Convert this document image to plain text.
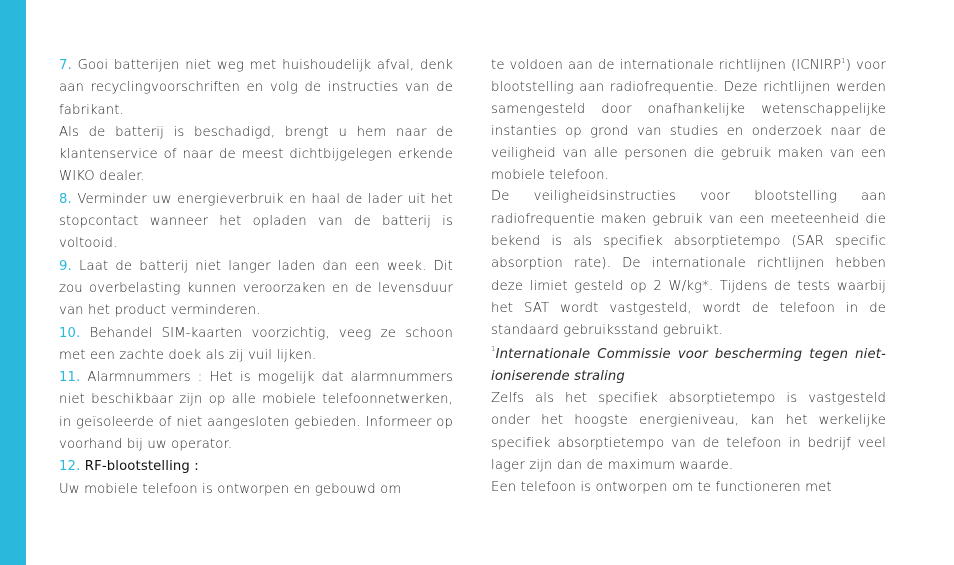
7. Gooi batterijen niet weg met huishoudelijk afval, denk aan recyclingvoorschriften en volg de instructies van de fabrikant.

Als de batterij is beschadigd, brengt u hem naar de klantenservice of naar de meest dichtbijgelegen erkende WIKO dealer.

8. Verminder uw energieverbruik en haal de lader uit het stopcontact wanneer het opladen van de batterij is voltooid.

9. Laat de batterij niet langer laden dan een week. Dit zou overbelasting kunnen veroorzaken en de levensduur van het product verminderen.

10. Behandel SIM-kaarten voorzichtig, veeg ze schoon met een zachte doek als zij vuil lijken.

11. Alarmnummers : Het is mogelijk dat alarmnummers niet beschikbaar zijn op alle mobiele telefoonnetwerken, in geïsoleerde of niet aangesloten gebieden. Informeer op voorhand bij uw operator.

12. RF-blootstelling :

Uw mobiele telefoon is ontworpen en gebouwd om

te voldoen aan de internationale richtlijnen (ICNIRP$^1$) voor blootstelling aan radiofrequentie. Deze richtlijnen werden samengesteld door onafhankelijke wetenschappelijke instanties op grond van studies en onderzoek naar de veiligheid van alle personen die gebruik maken van een mobiele telefoon.

De veiligheidsinstructies voor blootstelling aan radiofrequentie maken gebruik van een meeteenheid die bekend is als specifiek absorptietempo (SAR specific absorption rate). De internationale richtlijnen hebben deze limiet gesteld op 2 W/kg*. Tijdens de tests waarbij het SAT wordt vastgesteld, wordt de telefoon in de standaard gebruiksstand gebruikt.

$^1$Internationale Commissie voor bescherming tegen niet-ioniserende straling

Zelfs als het specifiek absorptietempo is vastgesteld onder het hoogste energieniveau, kan het werkelijke specifiek absorptietempo van de telefoon in bedrijf veel lager zijn dan de maximum waarde.

Een telefoon is ontworpen om te functioneren met
